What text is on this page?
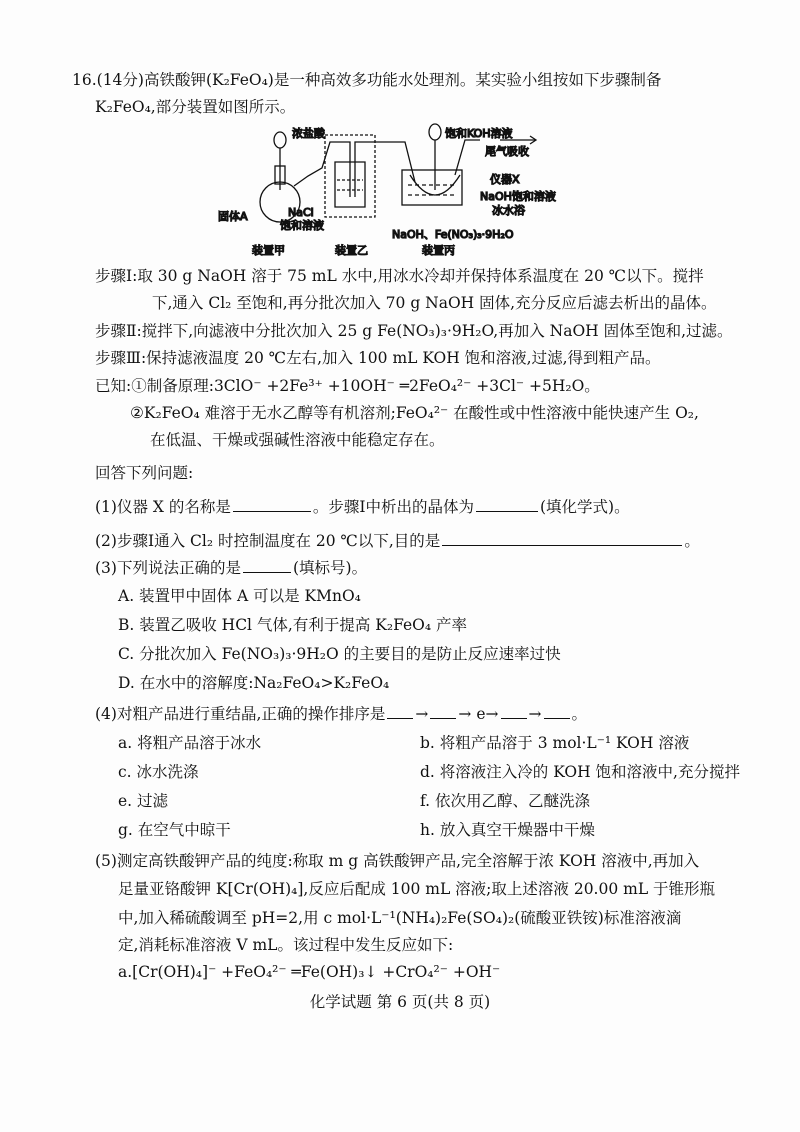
16.(14分)高铁酸钾(K₂FeO₄)是一种高效多功能水处理剂。某实验小组按如下步骤制备
K₂FeO₄,部分装置如图所示。
浓盐酸	饱和KOH溶液
尾气吸收
仪器X
NaOH饱和溶液
冰水浴
固体A	NaCl
饱和溶液
NaOH、Fe(NO₃)₃·9H₂O
装置甲	装置乙	装置丙
步骤Ⅰ:取 30 g NaOH 溶于 75 mL 水中,用冰水冷却并保持体系温度在 20 ℃以下。搅拌
下,通入 Cl₂ 至饱和,再分批次加入 70 g NaOH 固体,充分反应后滤去析出的晶体。
步骤Ⅱ:搅拌下,向滤液中分批次加入 25 g Fe(NO₃)₃·9H₂O,再加入 NaOH 固体至饱和,过滤。
步骤Ⅲ:保持滤液温度 20 ℃左右,加入 100 mL KOH 饱和溶液,过滤,得到粗产品。
已知:①制备原理:3ClO⁻ +2Fe³⁺ +10OH⁻ ═2FeO₄²⁻ +3Cl⁻ +5H₂O。
②K₂FeO₄ 难溶于无水乙醇等有机溶剂;FeO₄²⁻ 在酸性或中性溶液中能快速产生 O₂,
在低温、干燥或强碱性溶液中能稳定存在。
回答下列问题:
(1)仪器 X 的名称是	。步骤Ⅰ中析出的晶体为	(填化学式)。
(2)步骤Ⅰ通入 Cl₂ 时控制温度在 20 ℃以下,目的是	。
(3)下列说法正确的是	(填标号)。
A. 装置甲中固体 A 可以是 KMnO₄
B. 装置乙吸收 HCl 气体,有利于提高 K₂FeO₄ 产率
C. 分批次加入 Fe(NO₃)₃·9H₂O 的主要目的是防止反应速率过快
D. 在水中的溶解度:Na₂FeO₄>K₂FeO₄
(4)对粗产品进行重结晶,正确的操作排序是 → → e→ → 。
a. 将粗产品溶于冰水	b. 将粗产品溶于 3 mol·L⁻¹ KOH 溶液
c. 冰水洗涤	d. 将溶液注入冷的 KOH 饱和溶液中,充分搅拌
e. 过滤	f. 依次用乙醇、乙醚洗涤
g. 在空气中晾干	h. 放入真空干燥器中干燥
(5)测定高铁酸钾产品的纯度:称取 m g 高铁酸钾产品,完全溶解于浓 KOH 溶液中,再加入
足量亚铬酸钾 K[Cr(OH)₄],反应后配成 100 mL 溶液;取上述溶液 20.00 mL 于锥形瓶
中,加入稀硫酸调至 pH=2,用 c mol·L⁻¹(NH₄)₂Fe(SO₄)₂(硫酸亚铁铵)标准溶液滴
定,消耗标准溶液 V mL。该过程中发生反应如下:
a.[Cr(OH)₄]⁻ +FeO₄²⁻ ═Fe(OH)₃↓ +CrO₄²⁻ +OH⁻
化学试题 第 6 页(共 8 页)
